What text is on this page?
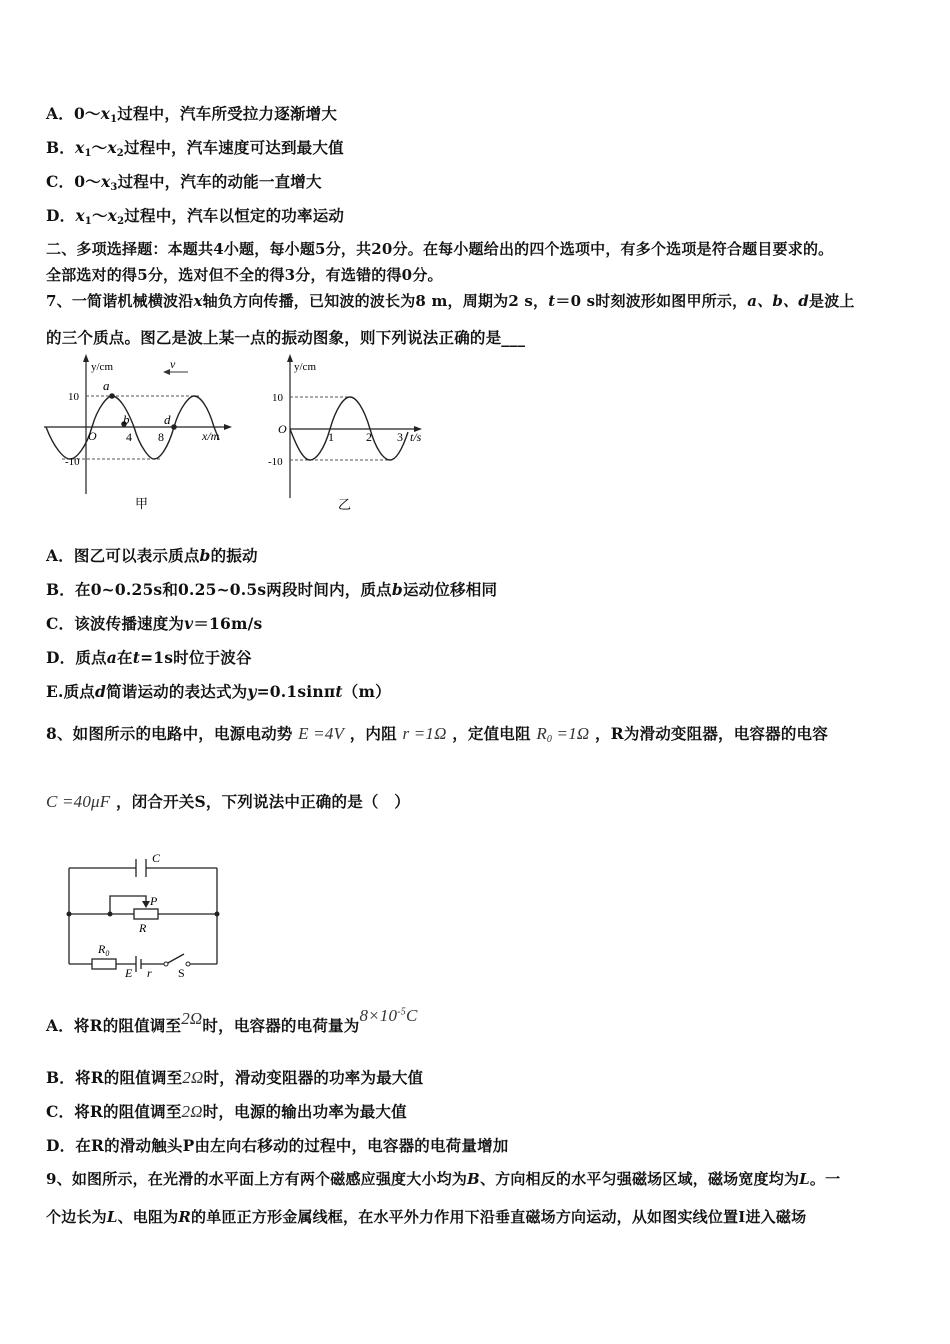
A．$0\sim x_1$过程中，汽车所受拉力逐渐增大
B．$x_1\sim x_2$过程中，汽车速度可达到最大值
C．$0\sim x_3$过程中，汽车的动能一直增大
D．$x_1\sim x_2$过程中，汽车以恒定的功率运动
二、多项选择题：本题共4小题，每小题5分，共20分。在每小题给出的四个选项中，有多个选项是符合题目要求的。
全部选对的得5分，选对但不全的得3分，有选错的得0分。
7、一简谐机械横波沿x轴负方向传播，已知波的波长为8 m，周期为2 s，t＝0 s时刻波形如图甲所示，a、b、d是波上
的三个质点。图乙是波上某一点的振动图象，则下列说法正确的是___
v
y/cm
x/m
O
10
-10
4 8
a
b	d
甲
y/cm
t/s
O
10
-10
1	2 3
乙
A．图乙可以表示质点b的振动
B．在0~0.25s和0.25~0.5s两段时间内，质点b运动位移相同
C．该波传播速度为v＝16m/s
D．质点a在t=1s时位于波谷
E.质点d简谐运动的表达式为y=0.1sinπt（m）
8、如图所示的电路中，电源电动势 E =4V ，内阻 r =1Ω ，定值电阻 $R_0 =1\Omega$ ，R为滑动变阻器，电容器的电容
C =40μF ，闭合开关S，下列说法中正确的是（　）
C
P
R
$R_0$
E r S
A．将R的阻值调至2Ω时，电容器的电荷量为$8\times 10^{-5}C$
B．将R的阻值调至2Ω时，滑动变阻器的功率为最大值
C．将R的阻值调至2Ω时，电源的输出功率为最大值
D．在R的滑动触头P由左向右移动的过程中，电容器的电荷量增加
9、如图所示，在光滑的水平面上方有两个磁感应强度大小均为B、方向相反的水平匀强磁场区域，磁场宽度均为L。一
个边长为L、电阻为R的单匝正方形金属线框，在水平外力作用下沿垂直磁场方向运动，从如图实线位置Ⅰ进入磁场
